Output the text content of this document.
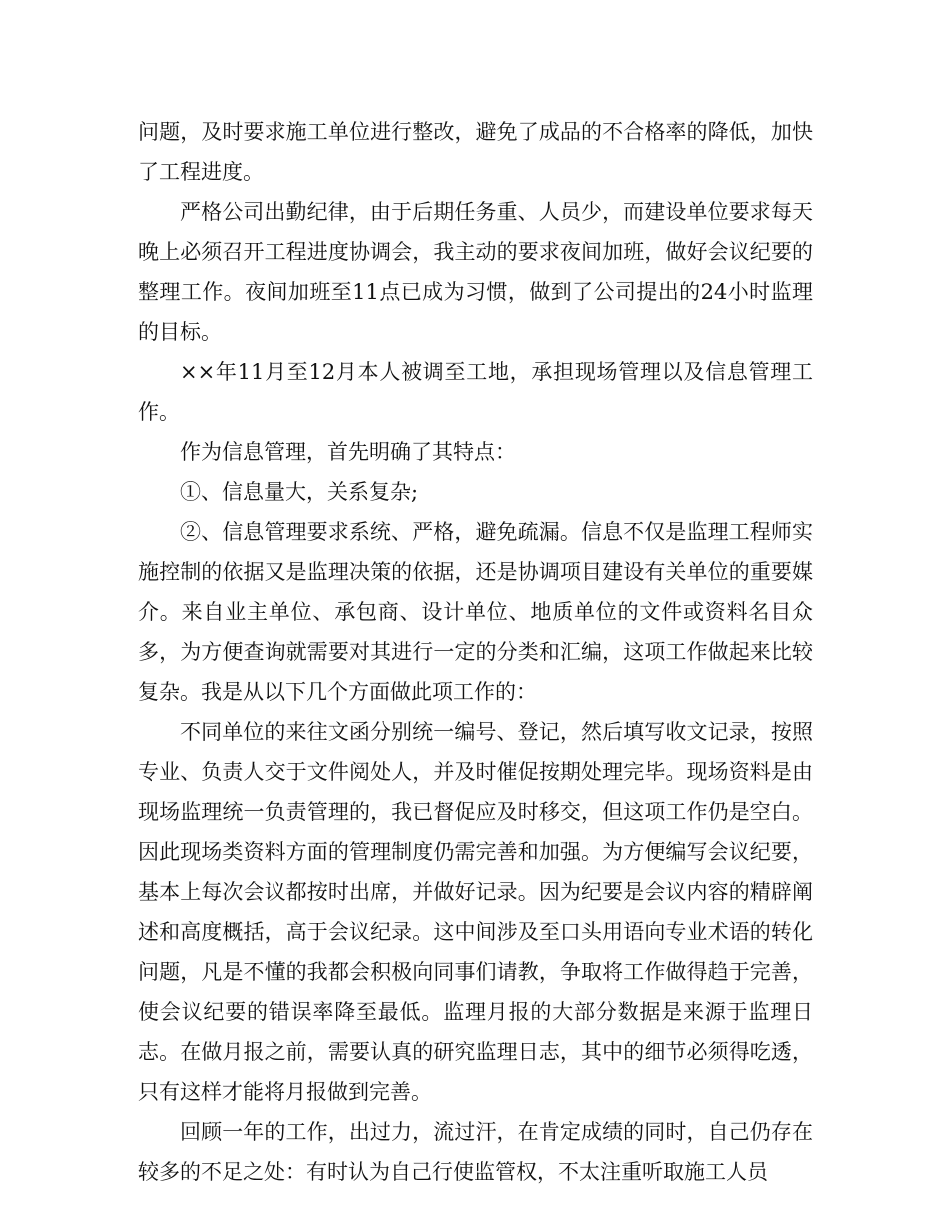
问题，及时要求施工单位进行整改，避免了成品的不合格率的降低，加快了工程进度。

严格公司出勤纪律，由于后期任务重、人员少，而建设单位要求每天晚上必须召开工程进度协调会，我主动的要求夜间加班，做好会议纪要的整理工作。夜间加班至11点已成为习惯，做到了公司提出的24小时监理的目标。

××年11月至12月本人被调至工地，承担现场管理以及信息管理工作。

作为信息管理，首先明确了其特点：

①、信息量大，关系复杂;

②、信息管理要求系统、严格，避免疏漏。信息不仅是监理工程师实施控制的依据又是监理决策的依据，还是协调项目建设有关单位的重要媒介。来自业主单位、承包商、设计单位、地质单位的文件或资料名目众多，为方便查询就需要对其进行一定的分类和汇编，这项工作做起来比较复杂。我是从以下几个方面做此项工作的：

不同单位的来往文函分别统一编号、登记，然后填写收文记录，按照专业、负责人交于文件阅处人，并及时催促按期处理完毕。现场资料是由现场监理统一负责管理的，我已督促应及时移交，但这项工作仍是空白。因此现场类资料方面的管理制度仍需完善和加强。为方便编写会议纪要，基本上每次会议都按时出席，并做好记录。因为纪要是会议内容的精辟阐述和高度概括，高于会议纪录。这中间涉及至口头用语向专业术语的转化问题，凡是不懂的我都会积极向同事们请教，争取将工作做得趋于完善，使会议纪要的错误率降至最低。监理月报的大部分数据是来源于监理日志。在做月报之前，需要认真的研究监理日志，其中的细节必须得吃透，只有这样才能将月报做到完善。

回顾一年的工作，出过力，流过汗，在肯定成绩的同时，自己仍存在较多的不足之处：有时认为自己行使监管权，不太注重听取施工人员
